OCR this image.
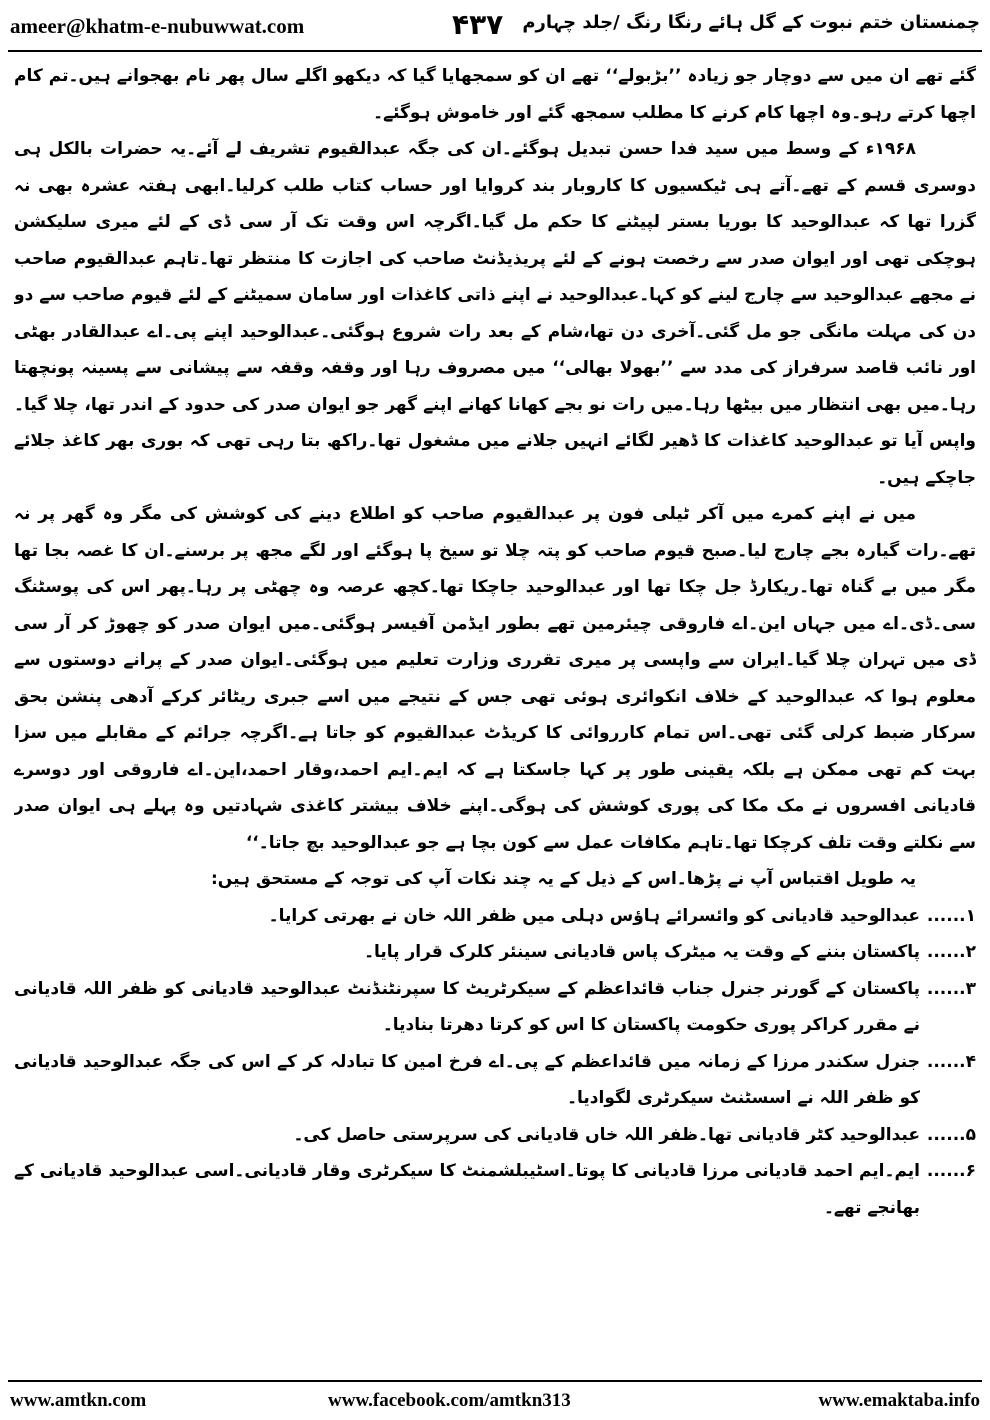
ameer@khatm-e-nubuwwat.com	۴۳۷ چمنستان ختم نبوت کے گل ہائے رنگا رنگ /جلد چہارم

گئے تھے ان میں سے دوچار جو زیادہ ’’بڑبولے‘‘ تھے ان کو سمجھایا گیا کہ دیکھو اگلے سال پھر نام بھجوانے ہیں۔تم کام اچھا کرتے رہو۔وہ اچھا کام کرنے کا مطلب سمجھ گئے اور خاموش ہوگئے۔

۱۹۶۸ء کے وسط میں سید فدا حسن تبدیل ہوگئے۔ان کی جگہ عبدالقیوم تشریف لے آئے۔یہ حضرات بالکل ہی دوسری قسم کے تھے۔آتے ہی ٹیکسیوں کا کاروبار بند کروایا اور حساب کتاب طلب کرلیا۔ابھی ہفتہ عشرہ بھی نہ گزرا تھا کہ عبدالوحید کا بوریا بستر لپیٹنے کا حکم مل گیا۔اگرچہ اس وقت تک آر سی ڈی کے لئے میری سلیکشن ہوچکی تھی اور ایوان صدر سے رخصت ہونے کے لئے پریذیڈنٹ صاحب کی اجازت کا منتظر تھا۔تاہم عبدالقیوم صاحب نے مجھے عبدالوحید سے چارج لینے کو کہا۔عبدالوحید نے اپنے ذاتی کاغذات اور سامان سمیٹنے کے لئے قیوم صاحب سے دو دن کی مہلت مانگی جو مل گئی۔آخری دن تھا،شام کے بعد رات شروع ہوگئی۔عبدالوحید اپنے پی۔اے عبدالقادر بھٹی اور نائب قاصد سرفراز کی مدد سے ’’بھولا بھالی‘‘ میں مصروف رہا اور وقفہ وقفہ سے پیشانی سے پسینہ پونچھتا رہا۔میں بھی انتظار میں بیٹھا رہا۔میں رات نو بجے کھانا کھانے اپنے گھر جو ایوان صدر کی حدود کے اندر تھا، چلا گیا۔واپس آیا تو عبدالوحید کاغذات کا ڈھیر لگائے انہیں جلانے میں مشغول تھا۔راکھ بتا رہی تھی کہ بوری بھر کاغذ جلائے جاچکے ہیں۔

میں نے اپنے کمرے میں آکر ٹیلی فون پر عبدالقیوم صاحب کو اطلاع دینے کی کوشش کی مگر وہ گھر پر نہ تھے۔رات گیارہ بجے چارج لیا۔صبح قیوم صاحب کو پتہ چلا تو سیخ پا ہوگئے اور لگے مجھ پر برسنے۔ان کا غصہ بجا تھا مگر میں بے گناہ تھا۔ریکارڈ جل چکا تھا اور عبدالوحید جاچکا تھا۔کچھ عرصہ وہ چھٹی پر رہا۔پھر اس کی پوسٹنگ سی۔ڈی۔اے میں جہاں این۔اے فاروقی چیئرمین تھے بطور ایڈمن آفیسر ہوگئی۔میں ایوان صدر کو چھوڑ کر آر سی ڈی میں تہران چلا گیا۔ایران سے واپسی پر میری تقرری وزارت تعلیم میں ہوگئی۔ایوان صدر کے پرانے دوستوں سے معلوم ہوا کہ عبدالوحید کے خلاف انکوائری ہوئی تھی جس کے نتیجے میں اسے جبری ریٹائر کرکے آدھی پنشن بحق سرکار ضبط کرلی گئی تھی۔اس تمام کارروائی کا کریڈٹ عبدالقیوم کو جاتا ہے۔اگرچہ جرائم کے مقابلے میں سزا بہت کم تھی ممکن ہے بلکہ یقینی طور پر کہا جاسکتا ہے کہ ایم۔ایم احمد،وقار احمد،این۔اے فاروقی اور دوسرے قادیانی افسروں نے مک مکا کی پوری کوشش کی ہوگی۔اپنے خلاف بیشتر کاغذی شہادتیں وہ پہلے ہی ایوان صدر سے نکلتے وقت تلف کرچکا تھا۔تاہم مکافات عمل سے کون بچا ہے جو عبدالوحید بچ جاتا۔‘‘

یہ طویل اقتباس آپ نے پڑھا۔اس کے ذیل کے یہ چند نکات آپ کی توجہ کے مستحق ہیں:

۱......
عبدالوحید قادیانی کو وائسرائے ہاؤس دہلی میں ظفر اللہ خان نے بھرتی کرایا۔
۲......
پاکستان بننے کے وقت یہ میٹرک پاس قادیانی سینئر کلرک قرار پایا۔
۳......
پاکستان کے گورنر جنرل جناب قائداعظم کے سیکرٹریٹ کا سپرنٹنڈنٹ عبدالوحید قادیانی کو ظفر اللہ قادیانی نے مقرر کراکر پوری حکومت پاکستان کا اس کو کرتا دھرتا بنادیا۔
۴......
جنرل سکندر مرزا کے زمانہ میں قائداعظم کے پی۔اے فرخ امین کا تبادلہ کر کے اس کی جگہ عبدالوحید قادیانی کو ظفر اللہ نے اسسٹنٹ سیکرٹری لگوادیا۔
۵......
عبدالوحید کٹر قادیانی تھا۔ظفر اللہ خاں قادیانی کی سرپرستی حاصل کی۔
۶......
ایم۔ایم احمد قادیانی مرزا قادیانی کا پوتا۔اسٹیبلشمنٹ کا سیکرٹری وقار قادیانی۔اسی عبدالوحید قادیانی کے بھانجے تھے۔
www.amtkn.com	www.facebook.com/amtkn313	www.emaktaba.info
